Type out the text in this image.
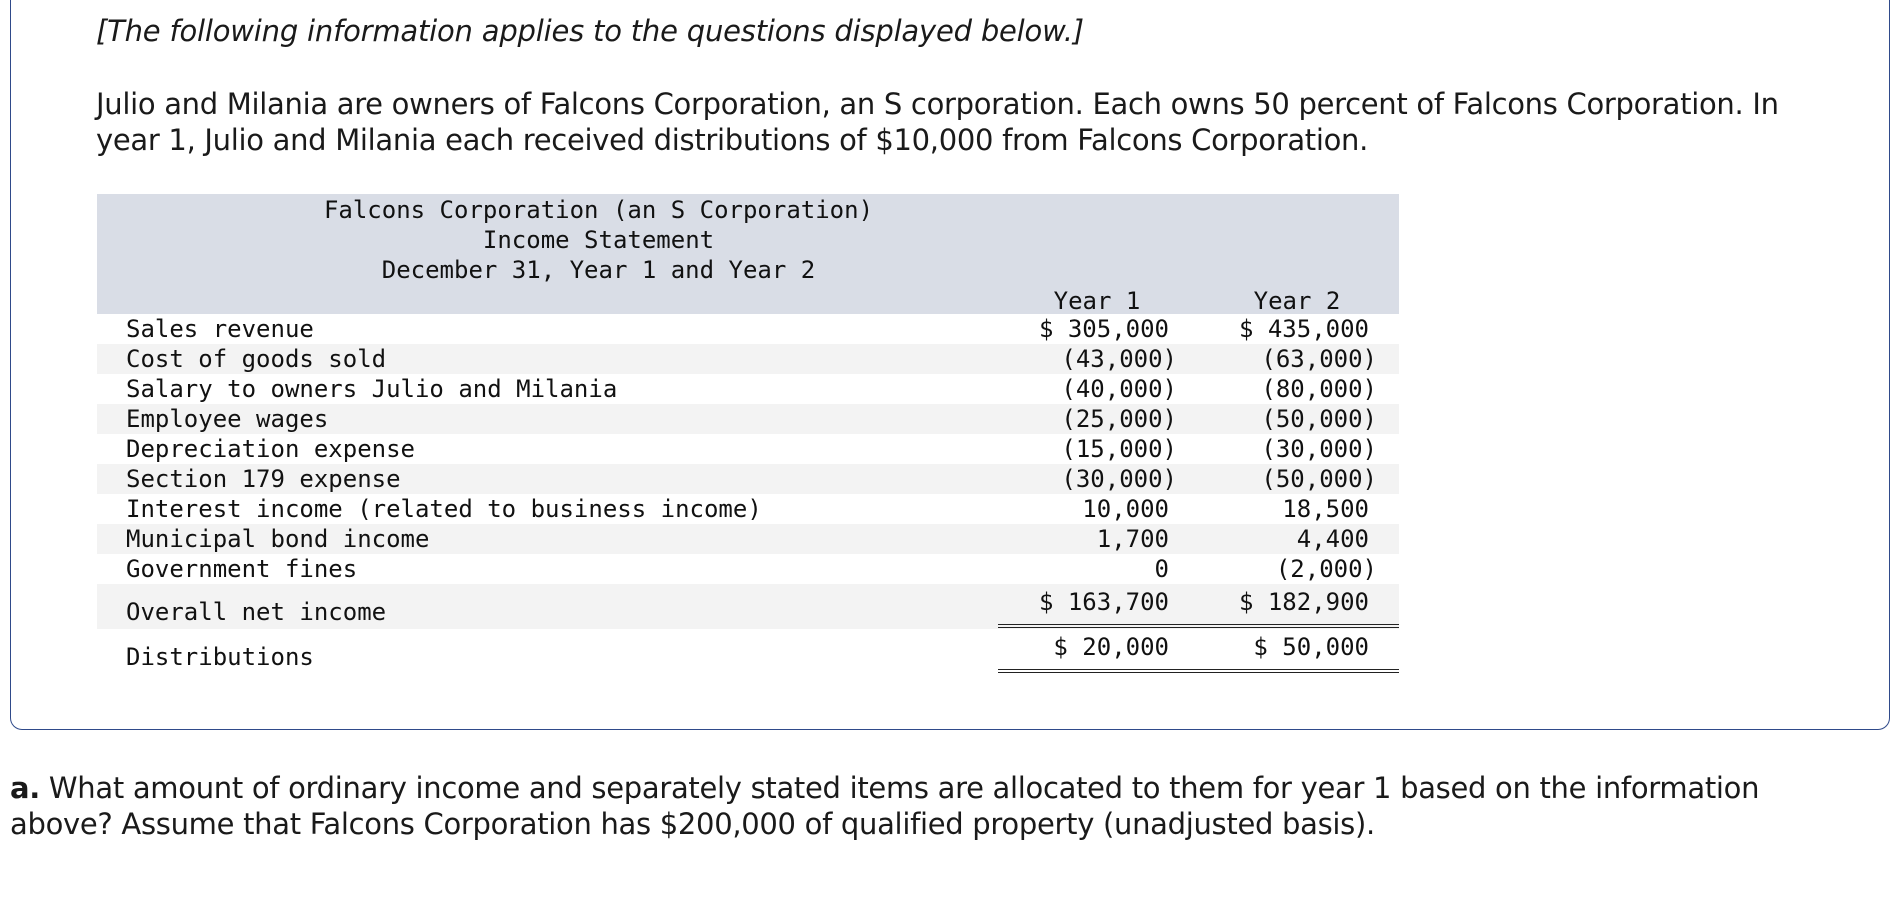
[The following information applies to the questions displayed below.]
Julio and Milania are owners of Falcons Corporation, an S corporation. Each owns 50 percent of Falcons Corporation. In year 1, Julio and Milania each received distributions of $10,000 from Falcons Corporation.
Falcons Corporation (an S Corporation)
Income Statement
December 31, Year 1 and Year 2
Year 1	Year 2
Sales revenue	$ 305,000	$ 435,000
Cost of goods sold	(43,000)	(63,000)
Salary to owners Julio and Milania	(40,000)	(80,000)
Employee wages	(25,000)	(50,000)
Depreciation expense	(15,000)	(30,000)
Section 179 expense	(30,000)	(50,000)
Interest income (related to business income)	10,000	18,500
Municipal bond income	1,700	4,400
Government fines	0	(2,000)
Overall net income	$ 163,700	$ 182,900
Distributions	$ 20,000	$ 50,000
a. What amount of ordinary income and separately stated items are allocated to them for year 1 based on the information above? Assume that Falcons Corporation has $200,000 of qualified property (unadjusted basis).
